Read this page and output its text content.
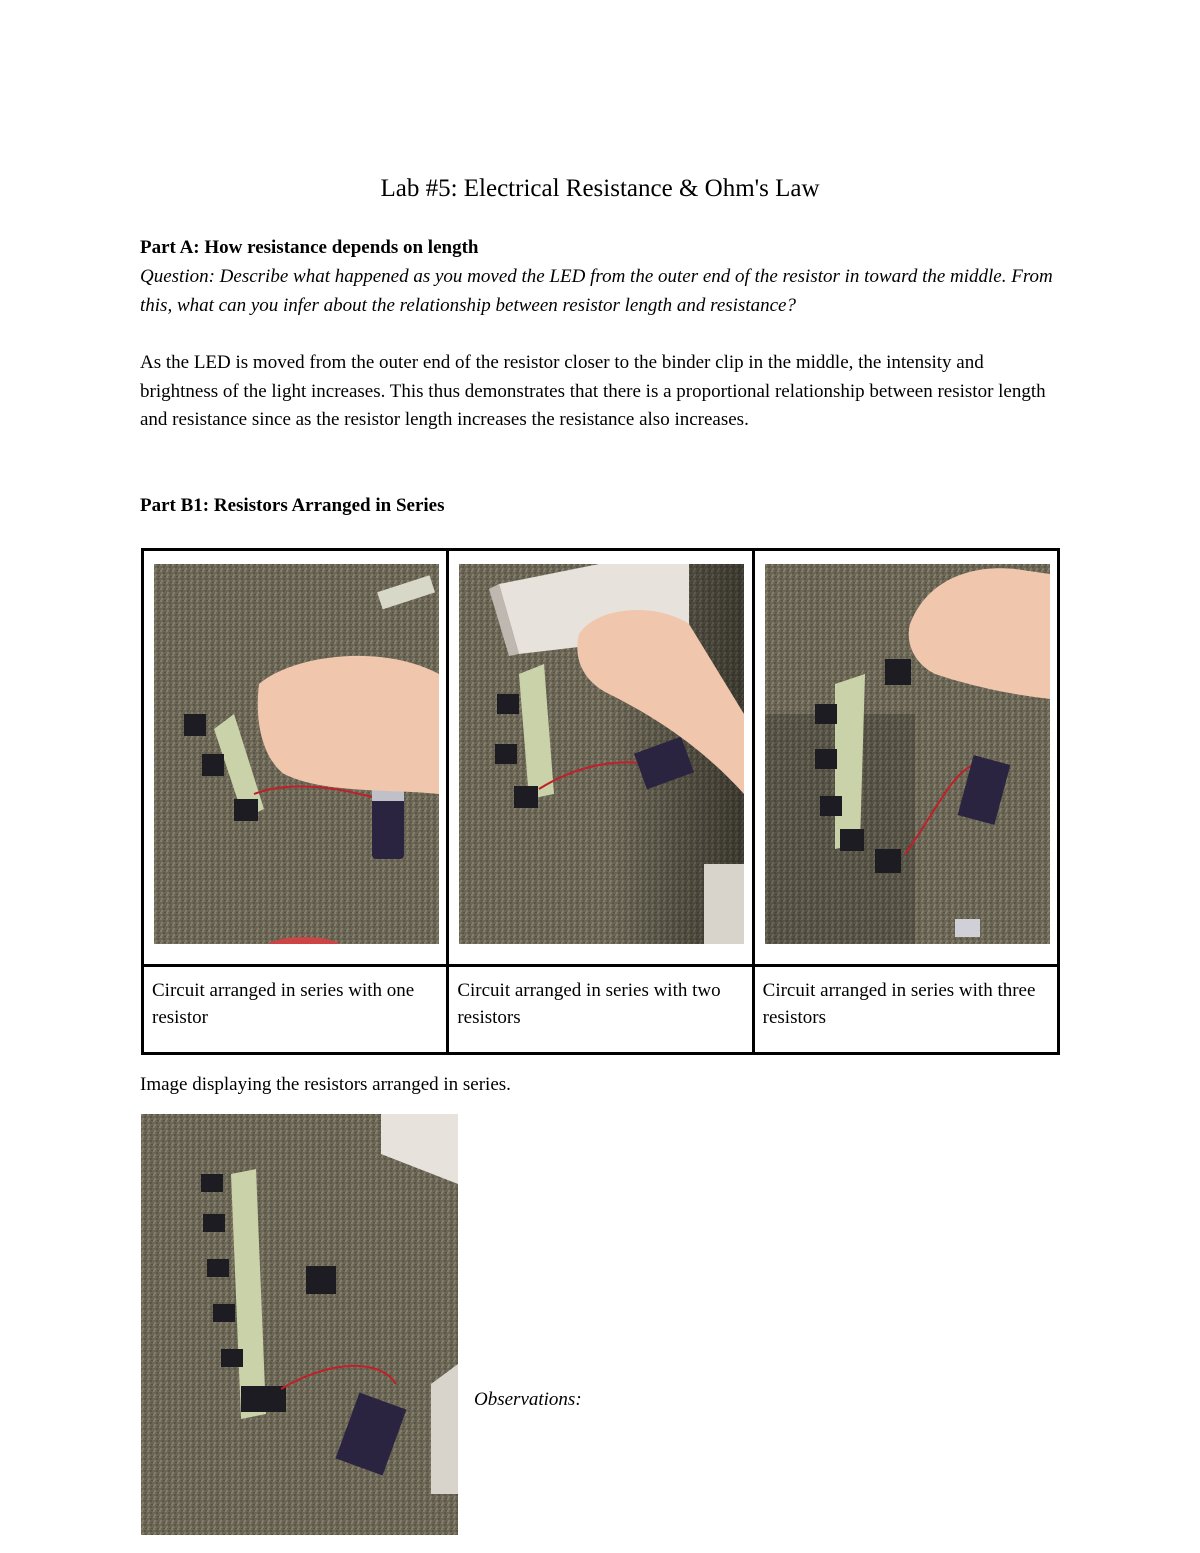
Lab #5: Electrical Resistance & Ohm's Law
Part A: How resistance depends on length
Question: Describe what happened as you moved the LED from the outer end of the resistor in toward the middle. From this, what can you infer about the relationship between resistor length and resistance?
As the LED is moved from the outer end of the resistor closer to the binder clip in the middle, the intensity and brightness of the light increases. This thus demonstrates that there is a proportional relationship between resistor length and resistance since as the resistor length increases the resistance also increases.
Part B1: Resistors Arranged in Series

Circuit arranged in series with one resistor	Circuit arranged in series with two resistors	Circuit arranged in series with three resistors
Image displaying the resistors arranged in series.
Observations:
